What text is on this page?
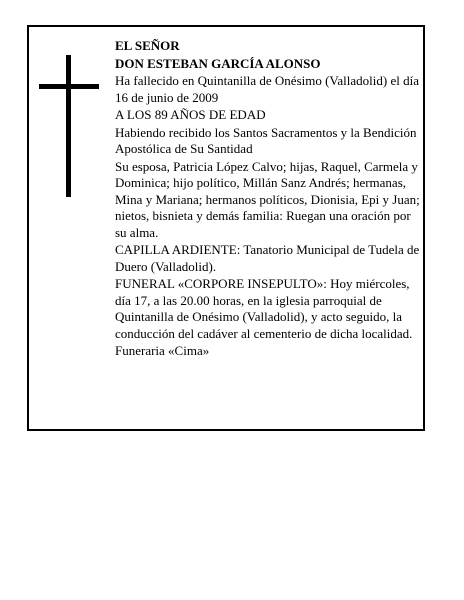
EL SEÑOR

DON ESTEBAN GARCÍA ALONSO

Ha fallecido en Quintanilla de Onésimo (Valladolid) el día 16 de junio de 2009

A LOS 89 AÑOS DE EDAD

Habiendo recibido los Santos Sacramentos y la Bendición Apostólica de Su Santidad

Su esposa, Patricia López Calvo; hijas, Raquel, Carmela y Dominica; hijo político, Millán Sanz Andrés; hermanas, Mina y Mariana; hermanos políticos, Dionisia, Epi y Juan; nietos, bisnieta y demás familia: Ruegan una oración por su alma.

CAPILLA ARDIENTE: Tanatorio Municipal de Tudela de Duero (Valladolid).

FUNERAL «CORPORE INSEPULTO»: Hoy miércoles, día 17, a las 20.00 horas, en la iglesia parroquial de Quintanilla de Onésimo (Valladolid), y acto seguido, la conducción del cadáver al cementerio de dicha localidad.

Funeraria «Cima»
